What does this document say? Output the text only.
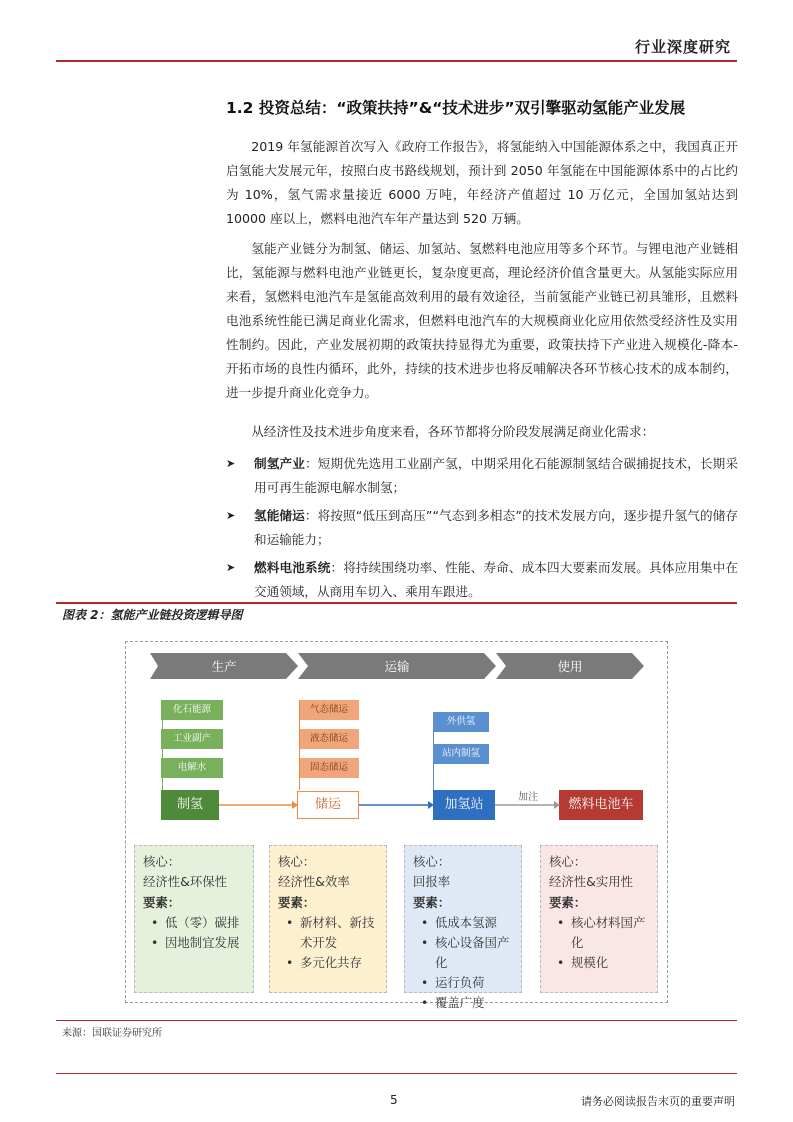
行业深度研究
1.2 投资总结：“政策扶持”&“技术进步”双引擎驱动氢能产业发展

2019 年氢能源首次写入《政府工作报告》，将氢能纳入中国能源体系之中，我国真正开启氢能大发展元年，按照白皮书路线规划，预计到 2050 年氢能在中国能源体系中的占比约为 10%，氢气需求量接近 6000 万吨，年经济产值超过 10 万亿元，全国加氢站达到 10000 座以上，燃料电池汽车年产量达到 520 万辆。

氢能产业链分为制氢、储运、加氢站、氢燃料电池应用等多个环节。与锂电池产业链相比，氢能源与燃料电池产业链更长，复杂度更高，理论经济价值含量更大。从氢能实际应用来看，氢燃料电池汽车是氢能高效利用的最有效途径，当前氢能产业链已初具雏形，且燃料电池系统性能已满足商业化需求，但燃料电池汽车的大规模商业化应用依然受经济性及实用性制约。因此，产业发展初期的政策扶持显得尤为重要，政策扶持下产业进入规模化-降本-开拓市场的良性内循环，此外，持续的技术进步也将反哺解决各环节核心技术的成本制约，进一步提升商业化竞争力。

从经济性及技术进步角度来看，各环节都将分阶段发展满足商业化需求：

➤ 制氢产业：短期优先选用工业副产氢，中期采用化石能源制氢结合碳捕捉技术，长期采用可再生能源电解水制氢；
➤ 氢能储运：将按照“低压到高压”“气态到多相态”的技术发展方向，逐步提升氢气的储存和运输能力；
➤ 燃料电池系统：将持续围绕功率、性能、寿命、成本四大要素而发展。具体应用集中在交通领域，从商用车切入、乘用车跟进。
图表 2：氢能产业链投资逻辑导图
生产	运输	使用
化石能源
工业副产
电解水
气态储运
液态储运
固态储运
外供氢
站内制氢
制氢	储运	加氢站	燃料电池车
加注
核心：
经济性&环保性
要素：
• 低（零）碳排
• 因地制宜发展
核心：
经济性&效率
要素：
• 新材料、新技术开发
• 多元化共存
核心：
回报率
要素：
• 低成本氢源
• 核心设备国产化
• 运行负荷
• 覆盖广度
核心：
经济性&实用性
要素：
• 核心材料国产化
• 规模化
来源：国联证券研究所
5	请务必阅读报告末页的重要声明
